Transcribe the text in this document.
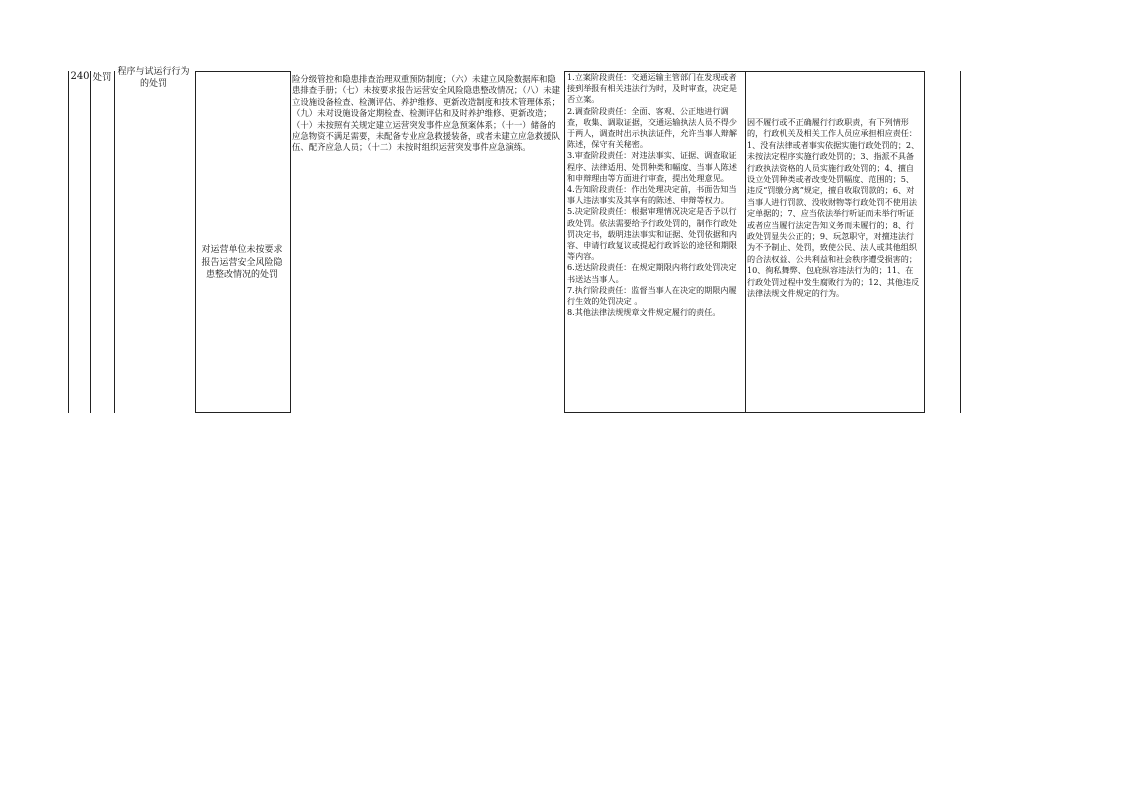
240 处罚 程序与试运行行为的处罚
对运营单位未按要求报告运营安全风险隐患整改情况的处罚
险分级管控和隐患排查治理双重预防制度；（六）未建立风险数据库和隐患排查手册；（七）未按要求报告运营安全风险隐患整改情况；（八）未建立设施设备检查、检测评估、养护维修、更新改造制度和技术管理体系；（九）未对设施设备定期检查、检测评估和及时养护维修、更新改造；（十）未按照有关规定建立运营突发事件应急预案体系；（十一）储备的应急物资不满足需要，未配备专业应急救援装备，或者未建立应急救援队伍、配齐应急人员；（十二）未按时组织运营突发事件应急演练。
1.立案阶段责任：交通运输主管部门在发现或者接到举报有相关违法行为时，及时审查，决定是否立案。
2.调查阶段责任：全面、客观、公正地进行调查，收集、调取证据，交通运输执法人员不得少于两人，调查时出示执法证件，允许当事人辩解陈述，保守有关秘密。
3.审查阶段责任：对违法事实、证据、调查取证程序、法律适用、处罚种类和幅度、当事人陈述和申辩理由等方面进行审查，提出处理意见。
4.告知阶段责任：作出处理决定前，书面告知当事人违法事实及其享有的陈述、申辩等权力。
5.决定阶段责任：根据审理情况决定是否予以行政处罚。依法需要给予行政处罚的，制作行政处罚决定书，载明违法事实和证据、处罚依据和内容、申请行政复议或提起行政诉讼的途径和期限等内容。
6.送达阶段责任：在规定期限内将行政处罚决定书送达当事人。
7.执行阶段责任：监督当事人在决定的期限内履行生效的处罚决定 。
8.其他法律法规规章文件规定履行的责任。
因不履行或不正确履行行政职责，有下列情形的，行政机关及相关工作人员应承担相应责任：1、没有法律或者事实依据实施行政处罚的；2、未按法定程序实施行政处罚的；3、指派不具备行政执法资格的人员实施行政处罚的；4、擅自设立处罚种类或者改变处罚幅度、范围的；5、违反“罚缴分离”规定，擅自收取罚款的；6、对当事人进行罚款、没收财物等行政处罚不使用法定单据的；7、应当依法举行听证而未举行听证或者应当履行法定告知义务而未履行的；8、行政处罚显失公正的；9、玩忽职守，对擅违法行为不予制止、处罚，致使公民、法人或其他组织的合法权益、公共利益和社会秩序遭受损害的；10、徇私舞弊、包庇纵容违法行为的；11、在行政处罚过程中发生腐败行为的；12、其他违反法律法规文件规定的行为。
